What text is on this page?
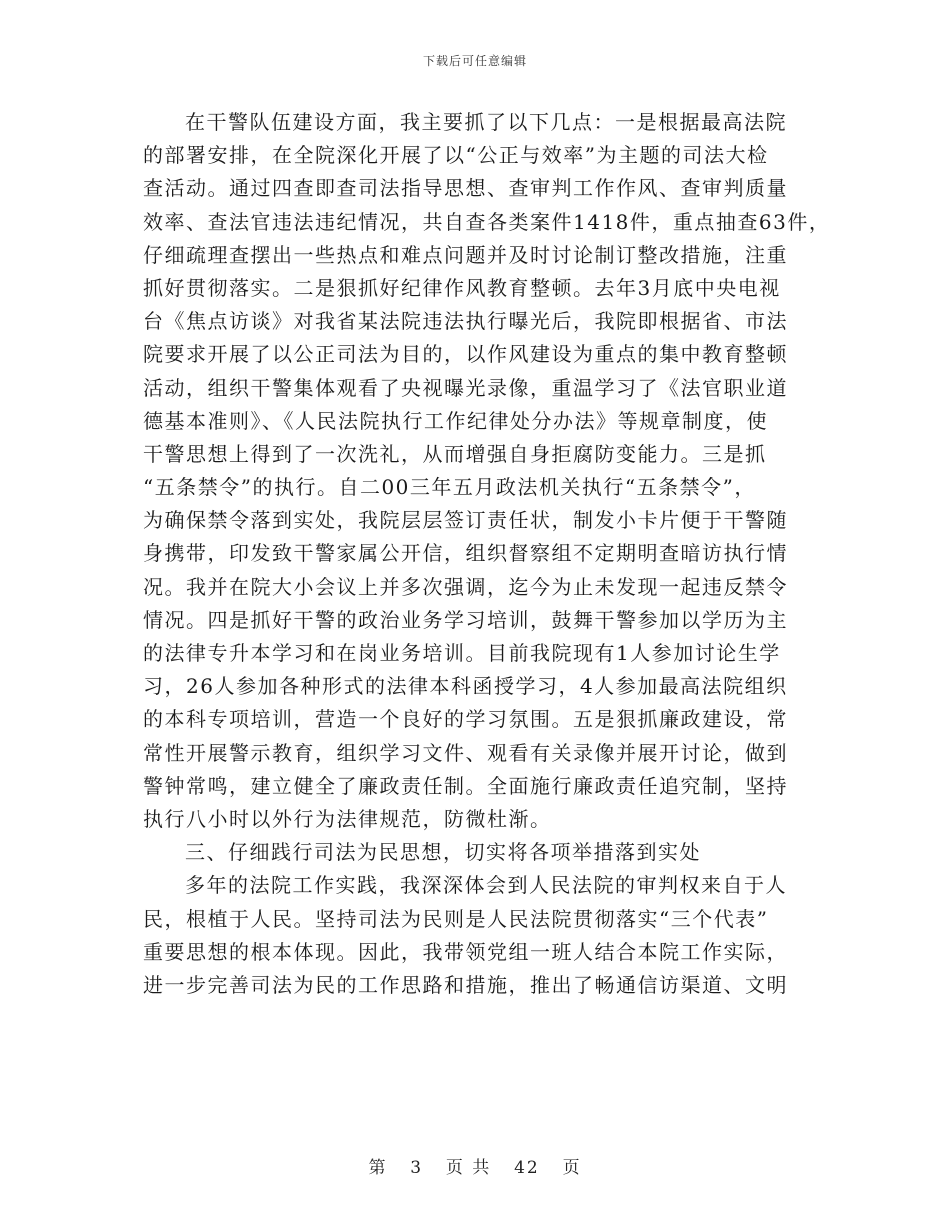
下载后可任意编辑
在干警队伍建设方面，我主要抓了以下几点：一是根据最高法院
的部署安排，在全院深化开展了以“公正与效率”为主题的司法大检
查活动。通过四查即查司法指导思想、查审判工作作风、查审判质量
效率、查法官违法违纪情况，共自查各类案件1418件，重点抽查63件，
仔细疏理查摆出一些热点和难点问题并及时讨论制订整改措施，注重
抓好贯彻落实。二是狠抓好纪律作风教育整顿。去年3月底中央电视
台《焦点访谈》对我省某法院违法执行曝光后，我院即根据省、市法
院要求开展了以公正司法为目的，以作风建设为重点的集中教育整顿
活动，组织干警集体观看了央视曝光录像，重温学习了《法官职业道
德基本准则》、《人民法院执行工作纪律处分办法》等规章制度，使
干警思想上得到了一次洗礼，从而增强自身拒腐防变能力。三是抓
“五条禁令”的执行。自二00三年五月政法机关执行“五条禁令”，
为确保禁令落到实处，我院层层签订责任状，制发小卡片便于干警随
身携带，印发致干警家属公开信，组织督察组不定期明查暗访执行情
况。我并在院大小会议上并多次强调，迄今为止未发现一起违反禁令
情况。四是抓好干警的政治业务学习培训，鼓舞干警参加以学历为主
的法律专升本学习和在岗业务培训。目前我院现有1人参加讨论生学
习，26人参加各种形式的法律本科函授学习，4人参加最高法院组织
的本科专项培训，营造一个良好的学习氛围。五是狠抓廉政建设，常
常性开展警示教育，组织学习文件、观看有关录像并展开讨论，做到
警钟常鸣，建立健全了廉政责任制。全面施行廉政责任追究制，坚持
执行八小时以外行为法律规范，防微杜渐。
三、仔细践行司法为民思想，切实将各项举措落到实处
多年的法院工作实践，我深深体会到人民法院的审判权来自于人
民，根植于人民。坚持司法为民则是人民法院贯彻落实“三个代表”
重要思想的根本体现。因此，我带领党组一班人结合本院工作实际，
进一步完善司法为民的工作思路和措施，推出了畅通信访渠道、文明
第 3 页 共 42 页
